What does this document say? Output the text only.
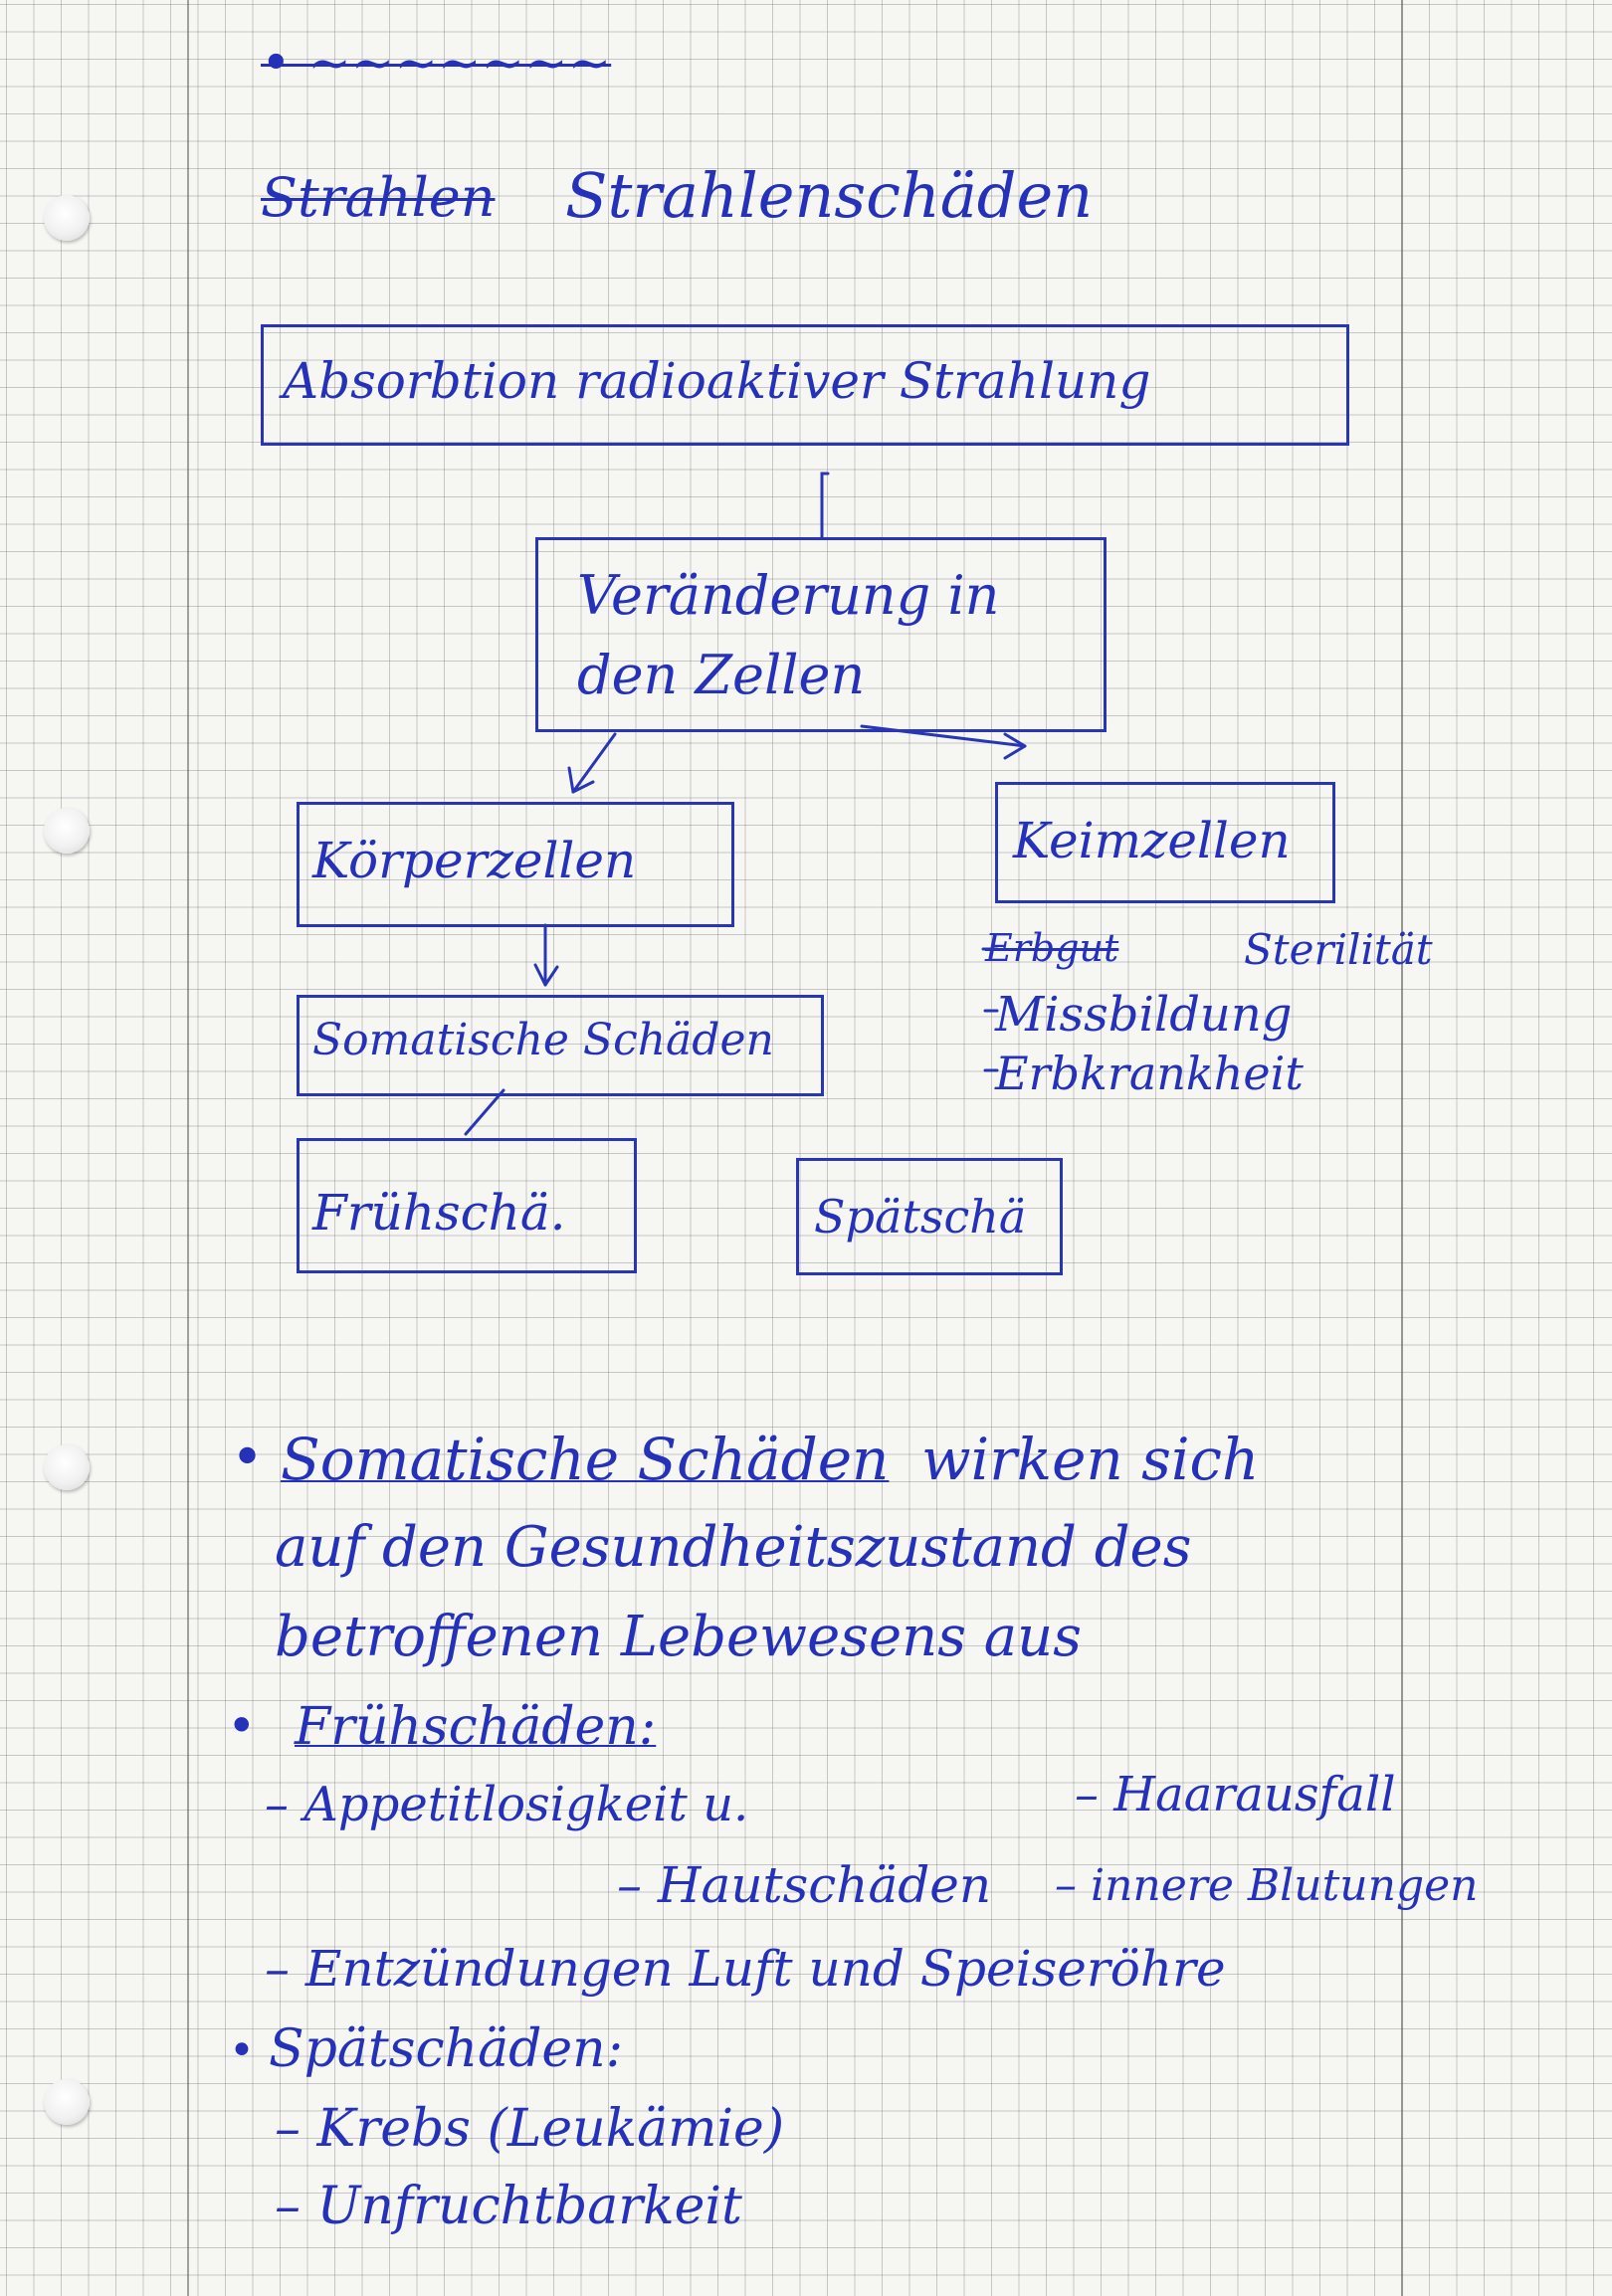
• ~~~~~~~
Strahlen Strahlenschäden
Absorbtion radioaktiver Strahlung
Veränderung in
den Zellen
Körperzellen	Keimzellen
Somatische Schäden
Frühschä.	Spätschä
Erbgut	Sterilität
Missbildung
Erbkrankheit
• Somatische Schäden wirken sich
auf den Gesundheitszustand des
betroffenen Lebewesens aus
• Frühschäden:
– Appetitlosigkeit u.	– Haarausfall
– Hautschäden – innere Blutungen
– Entzündungen Luft und Speiseröhre
• Spätschäden:
– Krebs (Leukämie)
– Unfruchtbarkeit
